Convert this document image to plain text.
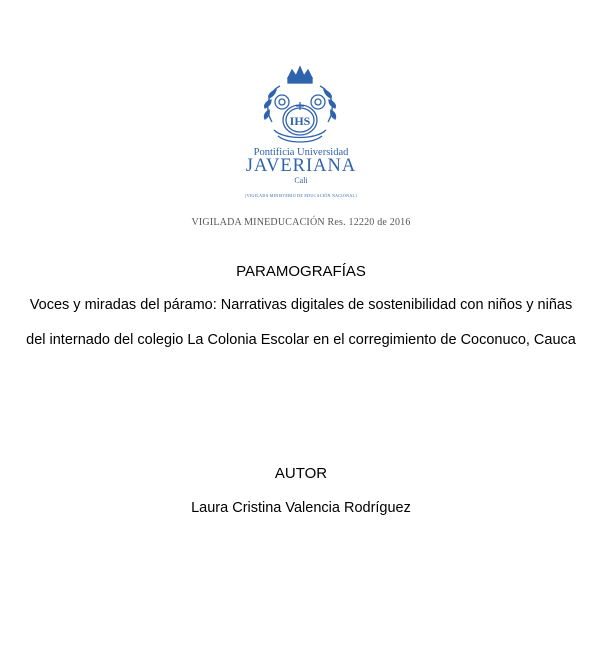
IHS
Pontificia Universidad
JAVERIANA
Cali
[VIGILADA MINISTERIO DE EDUCACIÓN NACIONAL]
VIGILADA MINEDUCACIÓN Res. 12220 de 2016
PARAMOGRAFÍAS
Voces y miradas del páramo: Narrativas digitales de sostenibilidad con niños y niñas
del internado del colegio La Colonia Escolar en el corregimiento de Coconuco, Cauca
AUTOR
Laura Cristina Valencia Rodríguez
